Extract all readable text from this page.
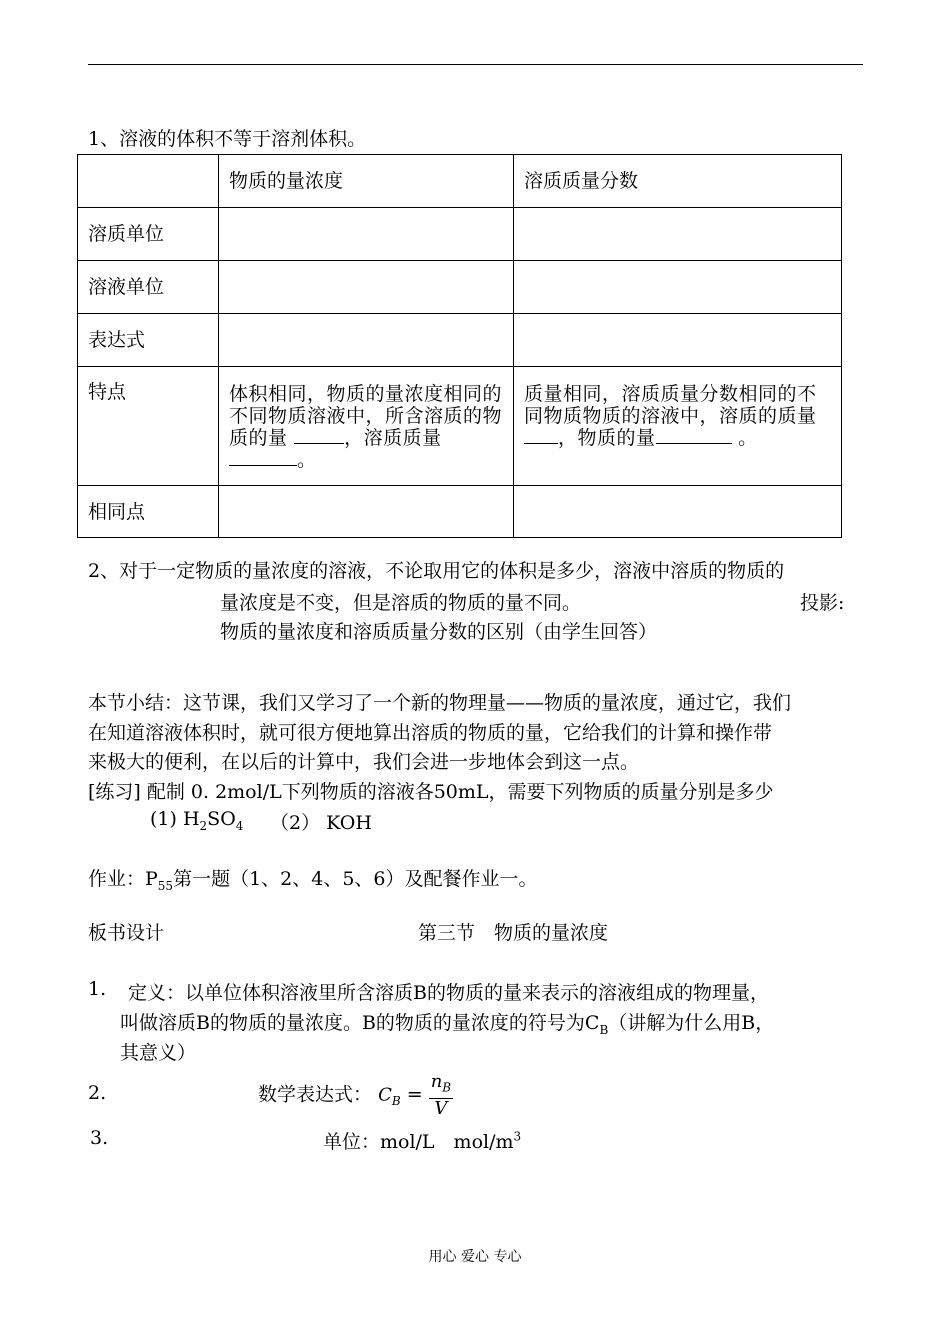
1、溶液的体积不等于溶剂体积。
	物质的量浓度	溶质质量分数
溶质单位		
溶液单位		
表达式		
特点	体积相同，物质的量浓度相同的不同物质溶液中，所含溶质的物质的量 ，溶质质量。	质量相同，溶质质量分数相同的不同物质物质的溶液中，溶质的质量，物质的量 。
相同点		
2、对于一定物质的量浓度的溶液，不论取用它的体积是多少，溶液中溶质的物质的
量浓度是不变，但是溶质的物质的量不同。	投影:
物质的量浓度和溶质质量分数的区别（由学生回答）
本节小结：这节课，我们又学习了一个新的物理量——物质的量浓度，通过它，我们
在知道溶液体积时，就可很方便地算出溶质的物质的量，它给我们的计算和操作带
来极大的便利，在以后的计算中，我们会进一步地体会到这一点。
[练习] 配制 0. 2mol/L下列物质的溶液各50mL，需要下列物质的质量分别是多少
(1) $H_2SO_4$ （2） KOH
作业：$P_{55}$第一题（1、2、4、5、6）及配餐作业一。
板书设计	第三节　物质的量浓度
1. 定义：以单位体积溶液里所含溶质B的物质的量来表示的溶液组成的物理量，
叫做溶质B的物质的量浓度。B的物质的量浓度的符号为$C_B$（讲解为什么用B，
其意义）
2.	数学表达式： $C_B = \frac{n_B}{V}$
3.	单位：mol/L　mol/$m^3$
用心 爱心 专心
